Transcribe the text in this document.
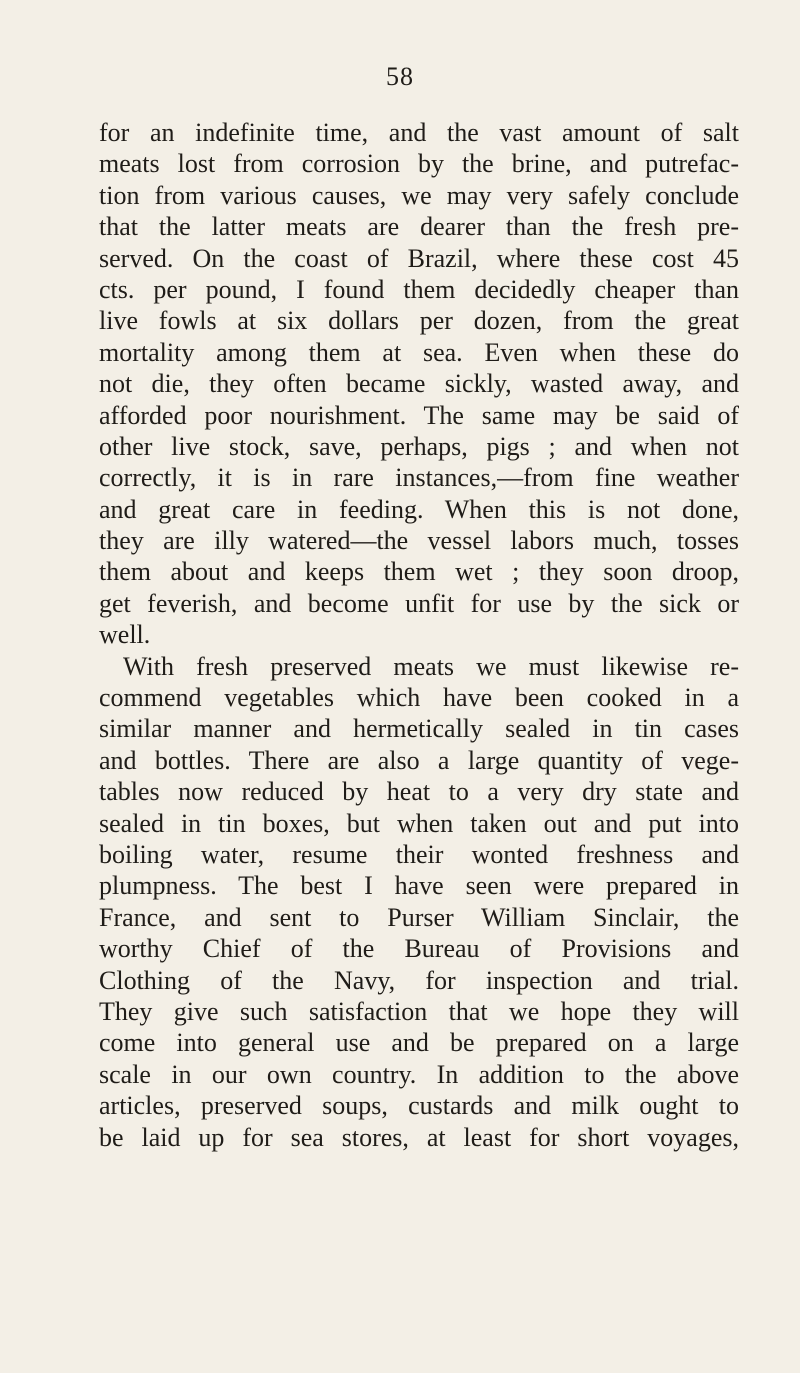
58
for an indefinite time, and the vast amount of salt
meats lost from corrosion by the brine, and putrefac-
tion from various causes, we may very safely conclude
that the latter meats are dearer than the fresh pre-
served. On the coast of Brazil, where these cost 45
cts. per pound, I found them decidedly cheaper than
live fowls at six dollars per dozen, from the great
mortality among them at sea. Even when these do
not die, they often became sickly, wasted away, and
afforded poor nourishment. The same may be said of
other live stock, save, perhaps, pigs ; and when not
correctly, it is in rare instances,—from fine weather
and great care in feeding. When this is not done,
they are illy watered—the vessel labors much, tosses
them about and keeps them wet ; they soon droop,
get feverish, and become unfit for use by the sick or
well.
With fresh preserved meats we must likewise re-
commend vegetables which have been cooked in a
similar manner and hermetically sealed in tin cases
and bottles. There are also a large quantity of vege-
tables now reduced by heat to a very dry state and
sealed in tin boxes, but when taken out and put into
boiling water, resume their wonted freshness and
plumpness. The best I have seen were prepared in
France, and sent to Purser William Sinclair, the
worthy Chief of the Bureau of Provisions and
Clothing of the Navy, for inspection and trial.
They give such satisfaction that we hope they will
come into general use and be prepared on a large
scale in our own country. In addition to the above
articles, preserved soups, custards and milk ought to
be laid up for sea stores, at least for short voyages,
